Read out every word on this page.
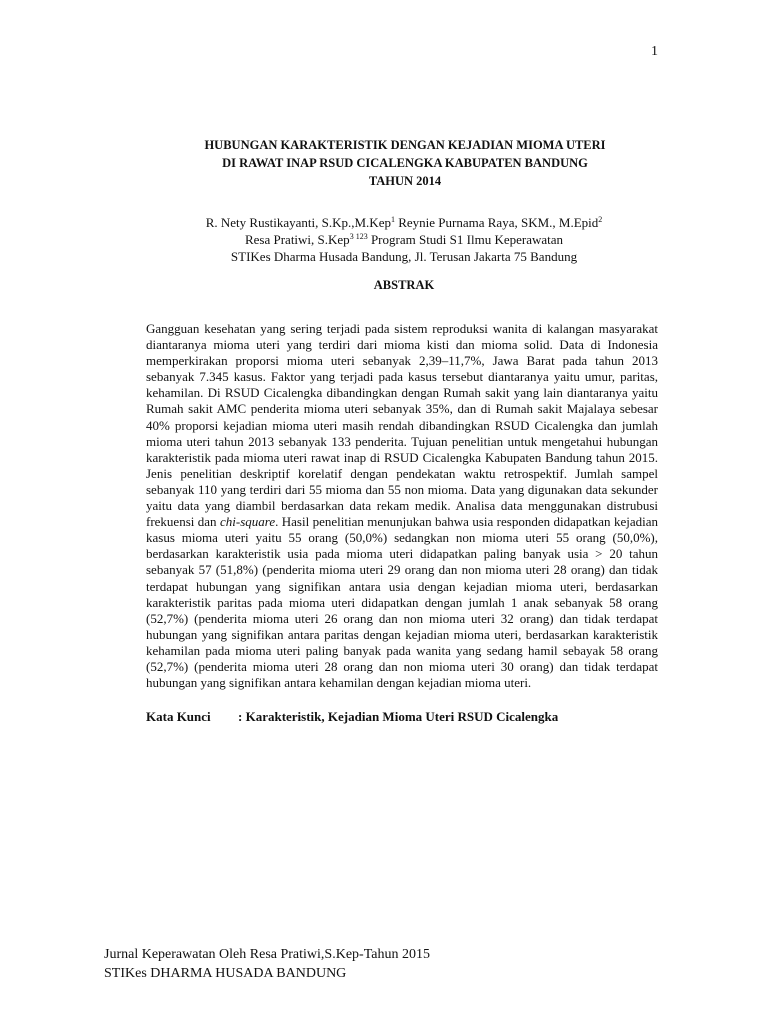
1
HUBUNGAN KARAKTERISTIK DENGAN KEJADIAN MIOMA UTERI
DI RAWAT INAP RSUD CICALENGKA KABUPATEN BANDUNG
TAHUN 2014
R. Nety Rustikayanti, S.Kp.,M.Kep$^1$ Reynie Purnama Raya, SKM., M.Epid$^2$
Resa Pratiwi, S.Kep$^{3 123}$ Program Studi S1 Ilmu Keperawatan
STIKes Dharma Husada Bandung, Jl. Terusan Jakarta 75 Bandung
ABSTRAK
Gangguan kesehatan yang sering terjadi pada sistem reproduksi wanita di kalangan masyarakat diantaranya mioma uteri yang terdiri dari mioma kisti dan mioma solid. Data di Indonesia memperkirakan proporsi mioma uteri sebanyak 2,39–11,7%, Jawa Barat pada tahun 2013 sebanyak 7.345 kasus. Faktor yang terjadi pada kasus tersebut diantaranya yaitu umur, paritas, kehamilan. Di RSUD Cicalengka dibandingkan dengan Rumah sakit yang lain diantaranya yaitu Rumah sakit AMC penderita mioma uteri sebanyak 35%, dan di Rumah sakit Majalaya sebesar 40% proporsi kejadian mioma uteri masih rendah dibandingkan RSUD Cicalengka dan jumlah mioma uteri tahun 2013 sebanyak 133 penderita. Tujuan penelitian untuk mengetahui hubungan karakteristik pada mioma uteri rawat inap di RSUD Cicalengka Kabupaten Bandung tahun 2015. Jenis penelitian deskriptif korelatif dengan pendekatan waktu retrospektif. Jumlah sampel sebanyak 110 yang terdiri dari 55 mioma dan 55 non mioma. Data yang digunakan data sekunder yaitu data yang diambil berdasarkan data rekam medik. Analisa data menggunakan distrubusi frekuensi dan chi-square. Hasil penelitian menunjukan bahwa usia responden didapatkan kejadian kasus mioma uteri yaitu 55 orang (50,0%) sedangkan non mioma uteri 55 orang (50,0%), berdasarkan karakteristik usia pada mioma uteri didapatkan paling banyak usia > 20 tahun sebanyak 57 (51,8%) (penderita mioma uteri 29 orang dan non mioma uteri 28 orang) dan tidak terdapat hubungan yang signifikan antara usia dengan kejadian mioma uteri, berdasarkan karakteristik paritas pada mioma uteri didapatkan dengan jumlah 1 anak sebanyak 58 orang (52,7%) (penderita mioma uteri 26 orang dan non mioma uteri 32 orang) dan tidak terdapat hubungan yang signifikan antara paritas dengan kejadian mioma uteri, berdasarkan karakteristik kehamilan pada mioma uteri paling banyak pada wanita yang sedang hamil sebayak 58 orang (52,7%) (penderita mioma uteri 28 orang dan non mioma uteri 30 orang) dan tidak terdapat hubungan yang signifikan antara kehamilan dengan kejadian mioma uteri.
Kata Kunci : Karakteristik, Kejadian Mioma Uteri RSUD Cicalengka
Jurnal Keperawatan Oleh Resa Pratiwi,S.Kep-Tahun 2015
STIKes DHARMA HUSADA BANDUNG
